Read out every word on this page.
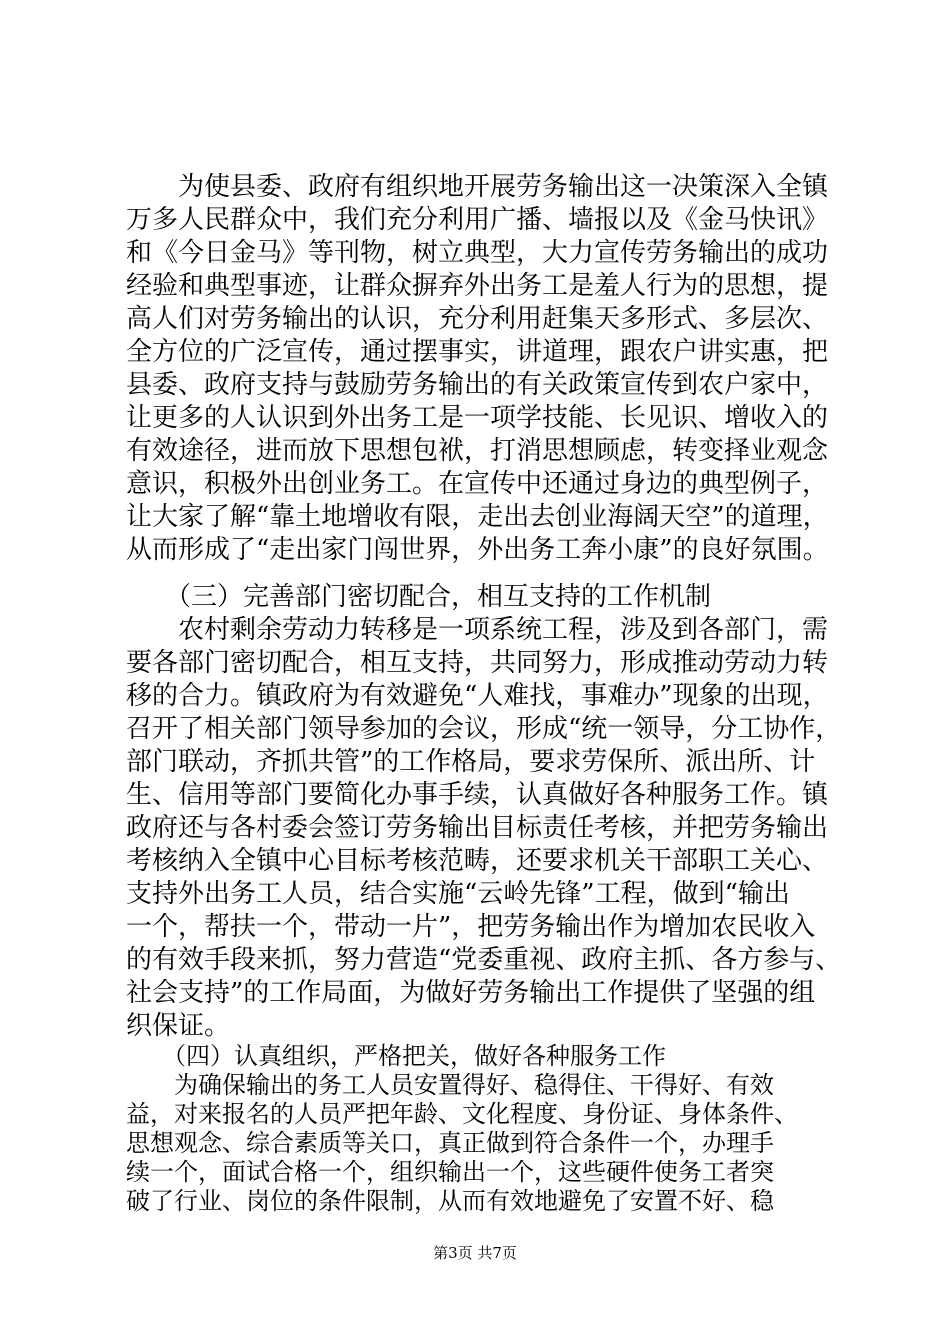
　　为使县委、政府有组织地开展劳务输出这一决策深入全镇
万多人民群众中，我们充分利用广播、墙报以及《金马快讯》
和《今日金马》等刊物，树立典型，大力宣传劳务输出的成功
经验和典型事迹，让群众摒弃外出务工是羞人行为的思想，提
高人们对劳务输出的认识，充分利用赶集天多形式、多层次、
全方位的广泛宣传，通过摆事实，讲道理，跟农户讲实惠，把
县委、政府支持与鼓励劳务输出的有关政策宣传到农户家中，
让更多的人认识到外出务工是一项学技能、长见识、增收入的
有效途径，进而放下思想包袱，打消思想顾虑，转变择业观念
意识，积极外出创业务工。在宣传中还通过身边的典型例子，
让大家了解“靠土地增收有限，走出去创业海阔天空”的道理，
从而形成了“走出家门闯世界，外出务工奔小康”的良好氛围。
　　（三）完善部门密切配合，相互支持的工作机制
　　农村剩余劳动力转移是一项系统工程，涉及到各部门，需
要各部门密切配合，相互支持，共同努力，形成推动劳动力转
移的合力。镇政府为有效避免“人难找，事难办”现象的出现，
召开了相关部门领导参加的会议，形成“统一领导，分工协作，
部门联动，齐抓共管”的工作格局，要求劳保所、派出所、计
生、信用等部门要简化办事手续，认真做好各种服务工作。镇
政府还与各村委会签订劳务输出目标责任考核，并把劳务输出
考核纳入全镇中心目标考核范畴，还要求机关干部职工关心、
支持外出务工人员，结合实施“云岭先锋”工程，做到“输出
一个，帮扶一个，带动一片”，把劳务输出作为增加农民收入
的有效手段来抓，努力营造“党委重视、政府主抓、各方参与、
社会支持”的工作局面，为做好劳务输出工作提供了坚强的组
织保证。
　　（四）认真组织，严格把关，做好各种服务工作
　　为确保输出的务工人员安置得好、稳得住、干得好、有效
益，对来报名的人员严把年龄、文化程度、身份证、身体条件、
思想观念、综合素质等关口，真正做到符合条件一个，办理手
续一个，面试合格一个，组织输出一个，这些硬件使务工者突
破了行业、岗位的条件限制，从而有效地避免了安置不好、稳
第3页 共7页
